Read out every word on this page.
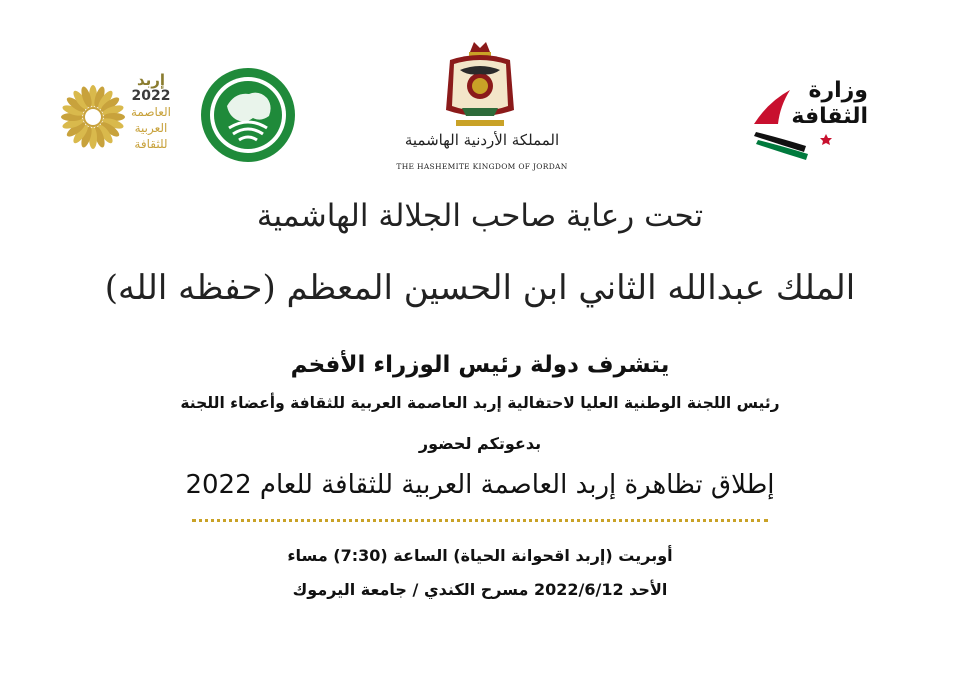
إربد
2022
العاصمة
العربية
للثقافة	المملكة الأردنية الهاشمية
THE HASHEMITE KINGDOM OF JORDAN
وزارة
الثقافة
تحت رعاية صاحب الجلالة الهاشمية
الملك عبدالله الثاني ابن الحسين المعظم (حفظه الله)
يتشرف دولة رئيس الوزراء الأفخم
رئيس اللجنة الوطنية العليا لاحتفالية إربد العاصمة العربية للثقافة وأعضاء اللجنة
بدعوتكم لحضور
إطلاق تظاهرة إربد العاصمة العربية للثقافة للعام 2022
أوبريت (إربد اقحوانة الحياة) الساعة (7:30) مساء
الأحد 2022/6/12 مسرح الكندي / جامعة اليرموك
